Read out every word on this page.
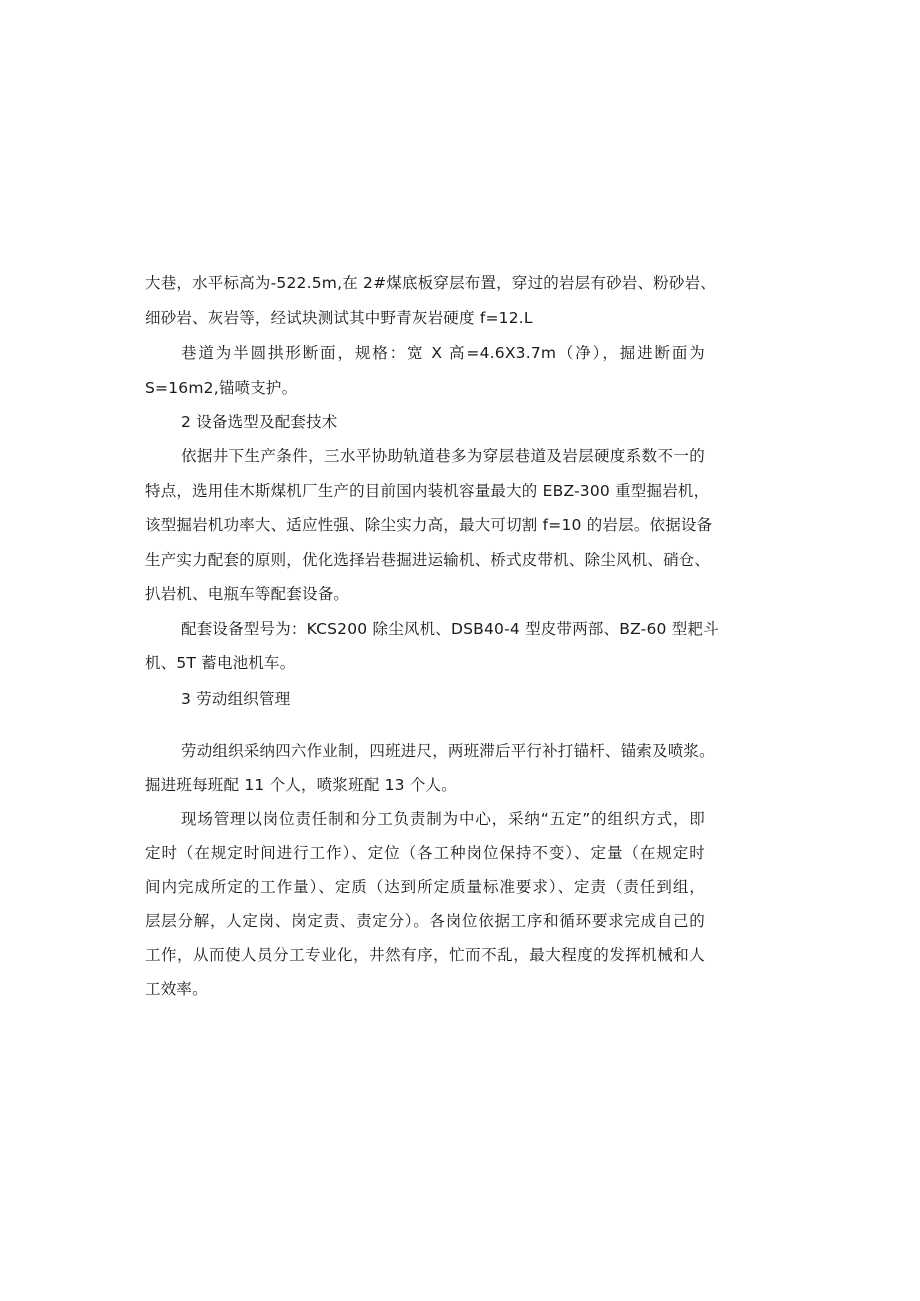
大巷，水平标高为-522.5m,在 2#煤底板穿层布置，穿过的岩层有砂岩、粉砂岩、
细砂岩、灰岩等，经试块测试其中野青灰岩硬度 f=12.L
巷道为半圆拱形断面，规格：宽 X 高=4.6X3.7m（净），掘进断面为
S=16m2,锚喷支护。
2 设备选型及配套技术
依据井下生产条件，三水平协助轨道巷多为穿层巷道及岩层硬度系数不一的
特点，选用佳木斯煤机厂生产的目前国内装机容量最大的 EBZ-300 重型掘岩机，
该型掘岩机功率大、适应性强、除尘实力高，最大可切割 f=10 的岩层。依据设备
生产实力配套的原则，优化选择岩巷掘进运输机、桥式皮带机、除尘风机、硝仓、
扒岩机、电瓶车等配套设备。
配套设备型号为：KCS200 除尘风机、DSB40-4 型皮带两部、BZ-60 型耙斗
机、5T 蓄电池机车。
3 劳动组织管理
劳动组织采纳四六作业制，四班进尺，两班滞后平行补打锚杆、锚索及喷浆。
掘进班每班配 11 个人，喷浆班配 13 个人。
现场管理以岗位责任制和分工负责制为中心，采纳“五定”的组织方式，即
定时（在规定时间进行工作）、定位（各工种岗位保持不变）、定量（在规定时
间内完成所定的工作量）、定质（达到所定质量标准要求）、定责（责任到组，
层层分解，人定岗、岗定责、责定分）。各岗位依据工序和循环要求完成自己的
工作，从而使人员分工专业化，井然有序，忙而不乱，最大程度的发挥机械和人
工效率。
